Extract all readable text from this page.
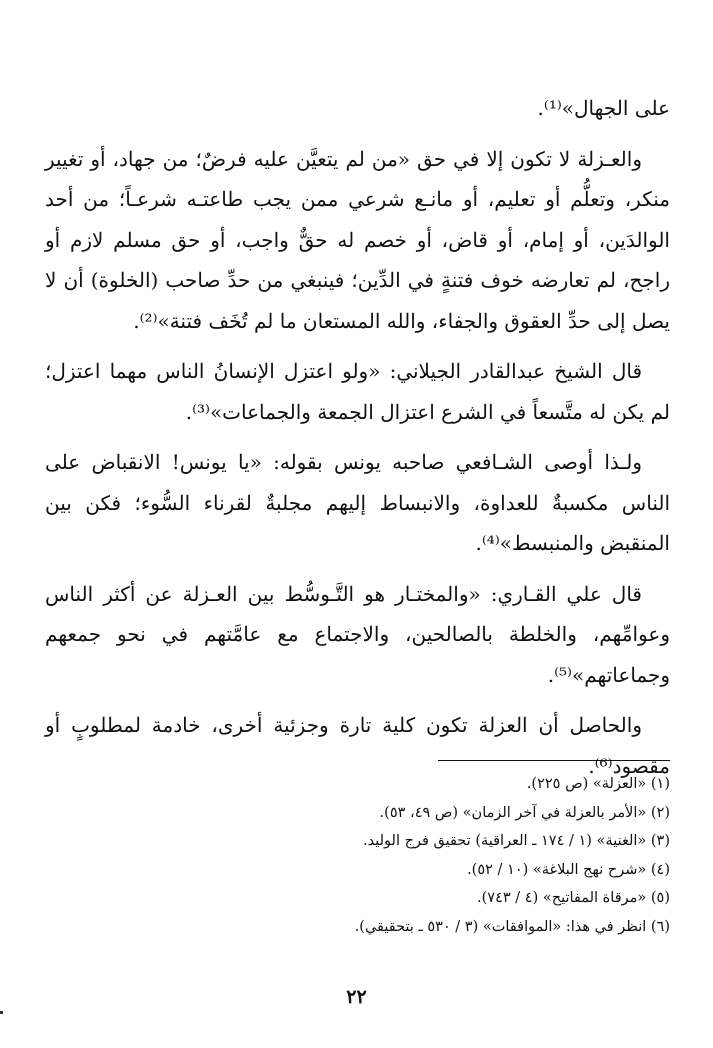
على الجهال»⁽¹⁾.

والعـزلة لا تكون إلا في حق «من لم يتعيَّن عليه فرضٌ؛ من جهاد، أو تغيير منكر، وتعلُّم أو تعليم، أو مانـع شرعي ممن يجب طاعتـه شرعـاً؛ من أحد الوالدَين، أو إمام، أو قاض، أو خصم له حقٌّ واجب، أو حق مسلم لازم أو راجح، لم تعارضه خوف فتنةٍ في الدِّين؛ فينبغي من حدِّ صاحب (الخلوة) أن لا يصل إلى حدِّ العقوق والجفاء، والله المستعان ما لم تُخَف فتنة»⁽²⁾.

قال الشيخ عبدالقادر الجيلاني: «ولو اعتزل الإنسانُ الناس مهما اعتزل؛ لم يكن له متَّسعاً في الشرع اعتزال الجمعة والجماعات»⁽³⁾.

ولـذا أوصى الشـافعي صاحبه يونس بقوله: «يا يونس! الانقباض على الناس مكسبةٌ للعداوة، والانبساط إليهم مجلبةٌ لقرناء السُّوء؛ فكن بين المنقبض والمنبسط»⁽⁴⁾.

قال علي القـاري: «والمختـار هو التَّـوسُّط بين العـزلة عن أكثر الناس وعوامِّهم، والخلطة بالصالحين، والاجتماع مع عامَّتهم في نحو جمعهم وجماعاتهم»⁽⁵⁾.

والحاصل أن العزلة تكون كلية تارة وجزئية أخرى، خادمة لمطلوبٍ أو مقصود⁽⁶⁾.

(١) «العزلة» (ص ٢٢٥).
(٢) «الأمر بالعزلة في آخر الزمان» (ص ٤٩، ٥٣).
(٣) «الغنية» (١ / ١٧٤ ـ العراقية) تحقيق فرج الوليد.
(٤) «شرح نهج البلاغة» (١٠ / ٥٢).
(٥) «مرقاة المفاتيح» (٤ / ٧٤٣).
(٦) انظر في هذا: «الموافقات» (٣ / ٥٣٠ ـ بتحقيقي).
٢٢
